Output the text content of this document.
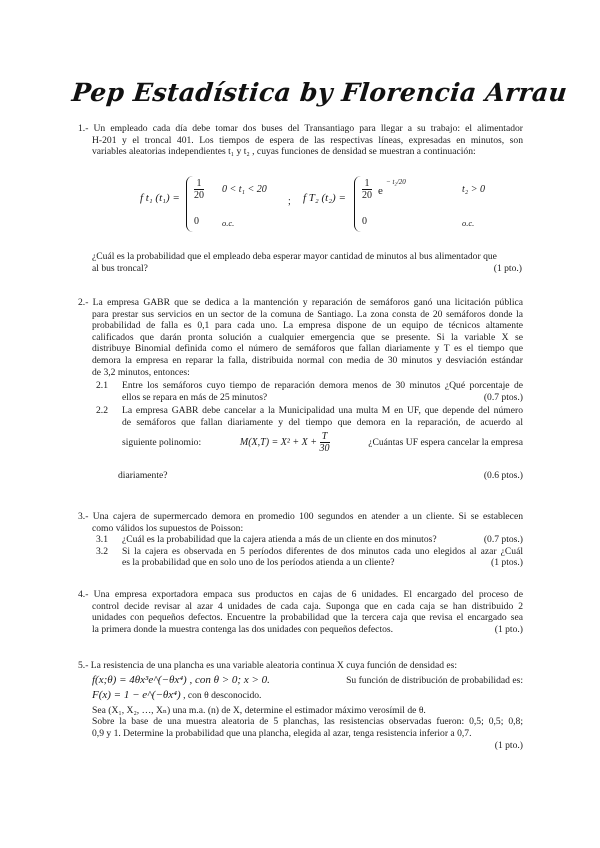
Pep Estadística by Florencia Arrau

1.- Un empleado cada día debe tomar dos buses del Transantiago para llegar a su trabajo: el alimentador

H-201 y el troncal 401. Los tiempos de espera de las respectivas líneas, expresadas en minutos, son

variables aleatorias independientes t₁ y t₂ , cuyas funciones de densidad se muestran a continuación:

f t₁ $(t_1) = \frac{1}{20} 0 < t_1 < 20$
0	o.c.
; f T₂ $(t_2) = \frac{1}{20}$ e
− t₂/20
t₂ > 0
0	o.c.

¿Cuál es la probabilidad que el empleado deba esperar mayor cantidad de minutos al bus alimentador que

al bus troncal?	(1 pto.)

2.- La empresa GABR que se dedica a la mantención y reparación de semáforos ganó una licitación pública

para prestar sus servicios en un sector de la comuna de Santiago. La zona consta de 20 semáforos donde la

probabilidad de falla es 0,1 para cada uno. La empresa dispone de un equipo de técnicos altamente

calificados que darán pronta solución a cualquier emergencia que se presente. Si la variable X se

distribuye Binomial definida como el número de semáforos que fallan diariamente y T es el tiempo que

demora la empresa en reparar la falla, distribuida normal con media de 30 minutos y desviación estándar

de 3,2 minutos, entonces:

2.1	Entre los semáforos cuyo tiempo de reparación demora menos de 30 minutos ¿Qué porcentaje de

ellos se repara en más de 25 minutos?	(0.7 ptos.)

2.2	La empresa GABR debe cancelar a la Municipalidad una multa M en UF, que depende del número

de semáforos que fallan diariamente y del tiempo que demora en la reparación, de acuerdo al

siguiente polinomio:	$M(X,T) = X^2 + X + \frac{T}{30}$	¿Cuántas UF espera cancelar la empresa

diariamente?	(0.6 ptos.)

3.- Una cajera de supermercado demora en promedio 100 segundos en atender a un cliente. Si se establecen

como válidos los supuestos de Poisson:

3.1	¿Cuál es la probabilidad que la cajera atienda a más de un cliente en dos minutos?	(0.7 ptos.)
3.2	Si la cajera es observada en 5 períodos diferentes de dos minutos cada uno elegidos al azar ¿Cuál

es la probabilidad que en solo uno de los períodos atienda a un cliente?	(1 ptos.)

4.- Una empresa exportadora empaca sus productos en cajas de 6 unidades. El encargado del proceso de

control decide revisar al azar 4 unidades de cada caja. Suponga que en cada caja se han distribuido 2

unidades con pequeños defectos. Encuentre la probabilidad que la tercera caja que revisa el encargado sea

la primera donde la muestra contenga las dos unidades con pequeños defectos.	(1 pto.)

5.- La resistencia de una plancha es una variable aleatoria continua X cuya función de densidad es:

f(x;θ) = 4θx³e^(−θx⁴) , con θ > 0; x > 0.	Su función de distribución de probabilidad es:

F(x) = 1 − e^(−θx⁴) , con θ desconocido.

Sea (X₁, X₂, …, Xₙ) una m.a. (n) de X, determine el estimador máximo verosímil de θ.

Sobre la base de una muestra aleatoria de 5 planchas, las resistencias observadas fueron: 0,5; 0,5; 0,8;

0,9 y 1. Determine la probabilidad que una plancha, elegida al azar, tenga resistencia inferior a 0,7.

(1 pto.)
